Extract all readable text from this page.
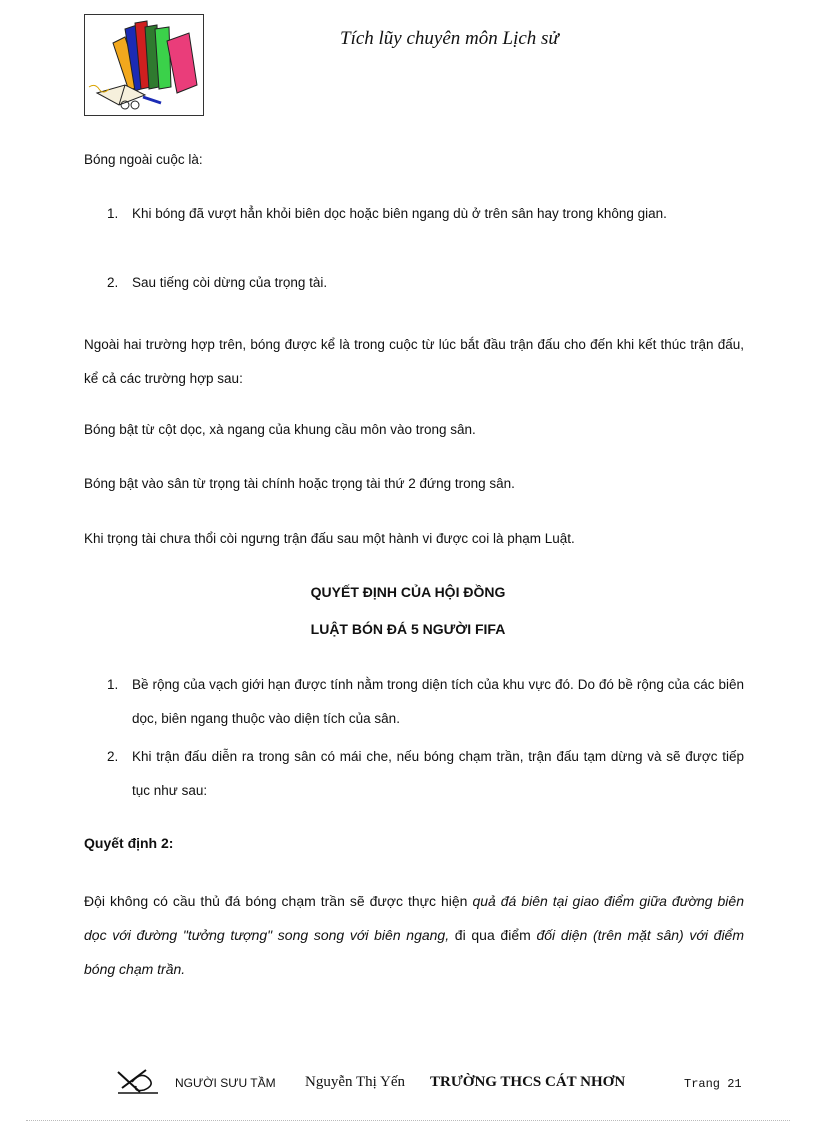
Tích lũy chuyên môn Lịch sử
Bóng ngoài cuộc là:
1. Khi bóng đã vượt hẳn khỏi biên dọc hoặc biên ngang dù ở trên sân hay trong không gian.
2. Sau tiếng còi dừng của trọng tài.
Ngoài hai trường hợp trên, bóng được kể là trong cuộc từ lúc bắt đầu trận đấu cho đến khi kết thúc trận đấu, kể cả các trường hợp sau:
Bóng bật từ cột dọc, xà ngang của khung cầu môn vào trong sân.
Bóng bật vào sân từ trọng tài chính hoặc trọng tài thứ 2 đứng trong sân.
Khi trọng tài chưa thổi còi ngưng trận đấu sau một hành vi được coi là phạm Luật.
QUYẾT ĐỊNH CỦA HỘI ĐỒNG
LUẬT BÓN ĐÁ 5 NGƯỜI FIFA
1. Bề rộng của vạch giới hạn được tính nằm trong diện tích của khu vực đó. Do đó bề rộng của các biên dọc, biên ngang thuộc vào diện tích của sân.
2. Khi trận đấu diễn ra trong sân có mái che, nếu bóng chạm trần, trận đấu tạm dừng và sẽ được tiếp tục như sau:
Quyết định 2:
Đội không có cầu thủ đá bóng chạm trần sẽ được thực hiện quả đá biên tại giao điểm giữa đường biên dọc với đường "tưởng tượng" song song với biên ngang, đi qua điểm đối diện (trên mặt sân) với điểm bóng chạm trần.
NGƯỜI SƯU TẦM Nguyễn Thị Yến TRƯỜNG THCS CÁT NHƠN	Trang 21
